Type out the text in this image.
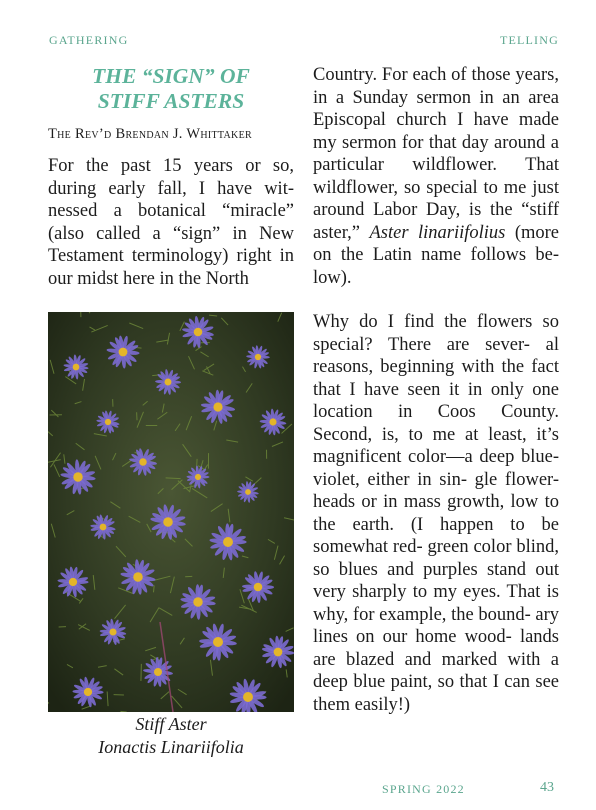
GATHERING	TELLING
THE “SIGN” OF
STIFF ASTERS

The Rev’d Brendan J. Whittaker

For the past 15 years or so, during early fall, I have wit- nessed a botanical “miracle” (also called a “sign” in New Testament terminology) right in our midst here in the North

Stiff Aster
Ionactis Linariifolia

Country. For each of those years, in a Sunday sermon in an area Episcopal church I have made my sermon for that day around a particular wildflower. That wildflower, so special to me just around Labor Day, is the “stiff aster,” Aster linariifolius (more on the Latin name follows be- low).

Why do I find the flowers so special? There are sever- al reasons, beginning with the fact that I have seen it in only one location in Coos County. Second, is, to me at least, it’s magnificent color—a deep blue-violet, either in sin- gle flower-heads or in mass growth, low to the earth. (I happen to be somewhat red- green color blind, so blues and purples stand out very sharply to my eyes. That is why, for example, the bound- ary lines on our home wood- lands are blazed and marked with a deep blue paint, so that I can see them easily!)

SPRING 2022	43
